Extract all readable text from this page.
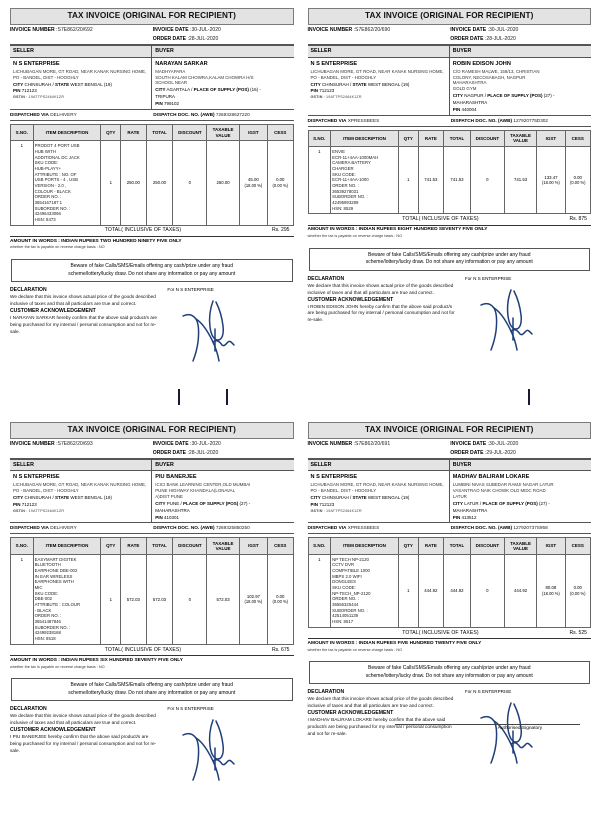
TAX INVOICE (ORIGINAL FOR RECIPIENT)
INVOICE NUMBER :S7E862/20/692	INVOICE DATE :30-JUL-2020
ORDER DATE :28-JUL-2020
SELLER	BUYER
N S ENTERPRISE
LICHUBAGAN MORE, GT ROAD, NEAR KANAK NURSING HOME, PO - BANDEL, DIST - HOOGHLY
CITY CHINSURAH / STATE WEST BENGAL (19)
PIN 712123
GSTIN : 19ATTPS2464K1ZR
NARAYAN SARKAR
MADHYAPARA
SOUTH KALAM CHOWRA,KALAM CHOWRA H/S
SCHOOL NEAR
CITY AGARTALA / PLACE OF SUPPLY (POS) (16) -
TRIPURA
PIN 799102
DISPATCHED VIA DELHIVERY	DISPATCH DOC. NO. (AWB) 7269328627220
S.NO.	ITEM DESCRIPTION	QTY	RATE	TOTAL	DISCOUNT	TAXABLE VALUE	IGST	CESS
1	PRODOT 4 PORT USB
HUB WITH
ADDITIONAL DC JACK
SKU CODE:
HUB-PLAYY+
ATTRIBUTE : NO. OF
USB PORTS - 4 , USB
VERSION - 2.0 ,
COLOUR - BLACK
ORDER NO. :
3654167187 1
SUBORDER NO. :
42496433066
HSN: 8473	1	250.00	250.00	0	250.00	45.00
(18.00 %)	0.00
(0.00 %)
TOTAL( INCLUSIVE OF TAXES)	Rs. 295
AMOUNT IN WORDS : INDIAN RUPEES TWO HUNDRED NINETY FIVE ONLY
whether the tax is payable on reverse charge basis : NO
Beware of fake Calls/SMS/Emails offering any cash/prize under any fraud
scheme/lottery/lucky draw. Do not share any information or pay any amount
DECLARATION

We declare that this invoice shows actual price of the goods described inclusive of taxes and that all particulars are true and correct.

CUSTOMER ACKNOWLEDGEMENT

I NARAYAN SARKAR hereby confirm that the above said product/s are being purchased for my internal / personal consumption and not for re-sale.

For N S ENTERPRISE
TAX INVOICE (ORIGINAL FOR RECIPIENT)
INVOICE NUMBER :S7E862/20/690	INVOICE DATE :30-JUL-2020
ORDER DATE :28-JUL-2020
SELLER	BUYER
N S ENTERPRISE
LICHUBAGAN MORE, GT ROAD, NEAR KANAK NURSING HOME, PO - BANDEL, DIST - HOOGHLY
CITY CHINSURAH / STATE WEST BENGAL (19)
PIN 712123
GSTIN : 19ATTPS2464K1ZR
ROBIN EDISON JOHN
C/O RAMESH MALWE, 158/13, CHRISTIAN
COLONY, NECOSABAGH, NAGPUR
MAHARASHTRA
GOLD GYM
CITY NAGPUR / PLACE OF SUPPLY (POS) (27) -
MAHARASHTRA
PIN 440004
DISPATCHED VIA XPRESSBEES	DISPATCH DOC. NO. (AWB) 127920775D302
S.NO.	ITEM DESCRIPTION	QTY	RATE	TOTAL	DISCOUNT	TAXABLE VALUE	IGST	CESS
1	ENVIE
ECR-11+4AA-1000MAH
CAMERA BATTERY
CHARGER
SKU CODE:
ECR-11+4AA-1000
ORDER NO. :
36539278031
SUBORDER NO. :
42495993289
HSN: 8529	1	741.53	741.53	0	741.53	133.47
(18.00 %)	0.00
(0.00 %)
TOTAL( INCLUSIVE OF TAXES)	Rs. 875
AMOUNT IN WORDS : INDIAN RUPEES EIGHT HUNDRED SEVENTY FIVE ONLY
whether the tax is payable on reverse charge basis : NO
Beware of fake Calls/SMS/Emails offering any cash/prize under any fraud
scheme/lottery/lucky draw. Do not share any information or pay any amount
DECLARATION

We declare that this invoice shows actual price of the goods described inclusive of taxes and that all particulars are true and correct.

CUSTOMER ACKNOWLEDGEMENT

I ROBIN EDISON JOHN hereby confirm that the above said product/s are being purchased for my internal / personal consumption and not for re-sale.

For N S ENTERPRISE
TAX INVOICE (ORIGINAL FOR RECIPIENT)
INVOICE NUMBER :S7E862/20/693	INVOICE DATE :30-JUL-2020
ORDER DATE :28-JUL-2020
SELLER	BUYER
N S ENTERPRISE
LICHUBAGAN MORE, GT ROAD, NEAR KANAK NURSING HOME, PO - BANDEL, DIST - HOOGHLY
CITY CHINSURAH / STATE WEST BENGAL (19)
PIN 712123
GSTIN : 19ATTPS2464K1ZR
PIU BANERJEE
ICICI BANK LEARNING CENTER,OLD MUMBAI
PUNE HIGHWAY KHANDALA(LONAVAL
A)DIST PUNE
CITY PUNE / PLACE OF SUPPLY (POS) (27) -
MAHARASHTRA
PIN 410301
DISPATCHED VIA DELHIVERY	DISPATCH DOC. NO. (AWB) 7269325850250
S.NO.	ITEM DESCRIPTION	QTY	RATE	TOTAL	DISCOUNT	TAXABLE VALUE	IGST	CESS
1	EASYMART DIGITEK
BLUETOOTH
EARPHONE DBE-002
IN EAR WIRELESS
EARPHONES WITH
MIC
SKU CODE:
DBE-002
ATTRIBUTE : COLOUR
- BLACK
ORDER NO. :
36541487846
SUBORDER NO. :
42499238168
HSN: 8518	1	572.03	572.03	0	572.03	102.97
(18.00 %)	0.00
(0.00 %)
TOTAL( INCLUSIVE OF TAXES)	Rs. 675
AMOUNT IN WORDS : INDIAN RUPEES SIX HUNDRED SEVENTY FIVE ONLY
whether the tax is payable on reverse charge basis : NO
Beware of fake Calls/SMS/Emails offering any cash/prize under any fraud
scheme/lottery/lucky draw. Do not share any information or pay any amount
DECLARATION

We declare that this invoice shows actual price of the goods described inclusive of taxes and that all particulars are true and correct.

CUSTOMER ACKNOWLEDGEMENT

I PIU BANERJEE hereby confirm that the above said product/s are being purchased for my internal / personal consumption and not for re-sale.

For N S ENTERPRISE
TAX INVOICE (ORIGINAL FOR RECIPIENT)
INVOICE NUMBER :S7E862/20/691	INVOICE DATE :30-JUL-2020
ORDER DATE :29-JUL-2020
SELLER	BUYER
N S ENTERPRISE
LICHUBAGAN MORE, GT ROAD, NEAR KANAK NURSING HOME, PO - BANDEL, DIST - HOOGHLY
CITY CHINSURAH / STATE WEST BENGAL (19)
PIN 712123
GSTIN : 19ATTPS2464K1ZR
MADHAV BALIRAM LOKARE
LUMBINI NIVAS SUBEDAR RAMJI NAGAR LATUR
VASANTRAO NAIK CHOWK OLD MIDC ROAD
LATUR
CITY LATUR / PLACE OF SUPPLY (POS) (27) -
MAHARASHTRA
PIN 413512
DISPATCHED VIA XPRESSBEES	DISPATCH DOC. NO. (AWB) 127920737S958
S.NO.	ITEM DESCRIPTION	QTY	RATE	TOTAL	DISCOUNT	TAXABLE VALUE	IGST	CESS
1	NP TECH NP-2120
CCTV DVR
COMPATIBLE 1000
MBPS 2.0 WIFI
DONGLEES
SKU CODE:
NP-TECH_NP-2120
ORDER NO. :
36556325444
SUBORDER NO. :
42514051139
HSN: 8517	1	444.92	444.92	0	444.92	80.08
(18.00 %)	0.00
(0.00 %)
TOTAL( INCLUSIVE OF TAXES)	Rs. 525
AMOUNT IN WORDS : INDIAN RUPEES FIVE HUNDRED TWENTY FIVE ONLY
whether the tax is payable on reverse charge basis : NO
Beware of fake Calls/SMS/Emails offering any cash/prize under any fraud
scheme/lottery/lucky draw. Do not share any information or pay any amount
DECLARATION

We declare that this invoice shows actual price of the goods described inclusive of taxes and that all particulars are true and correct.

CUSTOMER ACKNOWLEDGEMENT

I MADHAV BALIRAM LOKARE hereby confirm that the above said product/s are being purchased for my internal / personal consumption and not for re-sale.

For N S ENTERPRISE
Authorised Signatory
